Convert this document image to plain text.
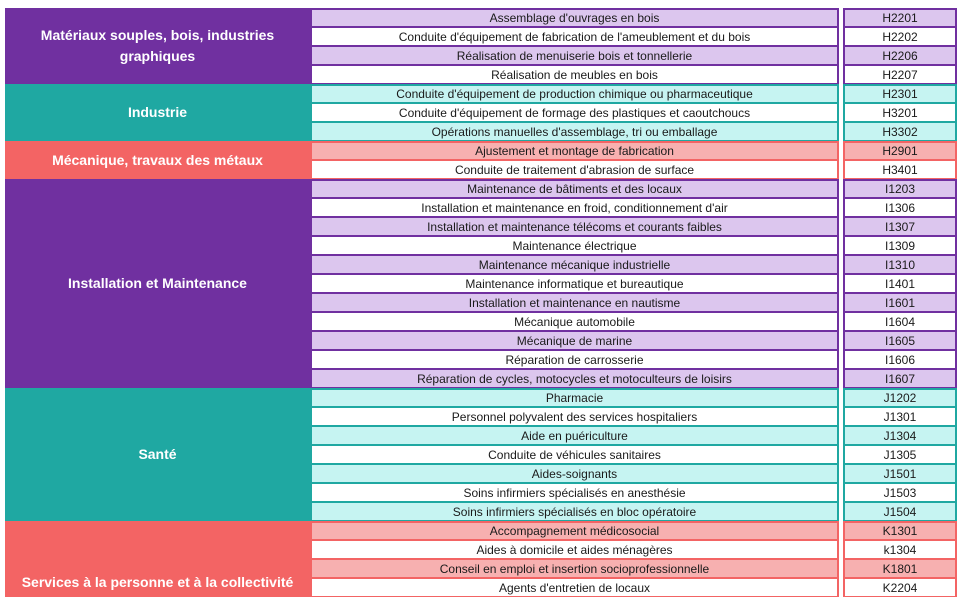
Matériaux souples, bois, industries graphiques
Assemblage d'ouvrages en bois	H2201
Conduite d'équipement de fabrication de l'ameublement et du bois	H2202
Réalisation de menuiserie bois et tonnellerie	H2206
Réalisation de meubles en bois	H2207
Industrie
Conduite d'équipement de production chimique ou pharmaceutique	H2301
Conduite d'équipement de formage des plastiques et caoutchoucs	H3201
Opérations manuelles d'assemblage, tri ou emballage	H3302
Mécanique, travaux des métaux
Ajustement et montage de fabrication	H2901
Conduite de traitement d'abrasion de surface	H3401
Installation et Maintenance
Maintenance de bâtiments et des locaux	I1203
Installation et maintenance en froid, conditionnement d'air	I1306
Installation et maintenance télécoms et courants faibles	I1307
Maintenance électrique	I1309
Maintenance mécanique industrielle	I1310
Maintenance informatique et bureautique	I1401
Installation et maintenance en nautisme	I1601
Mécanique automobile	I1604
Mécanique de marine	I1605
Réparation de carrosserie	I1606
Réparation de cycles, motocycles et motoculteurs de loisirs	I1607
Santé
Pharmacie	J1202
Personnel polyvalent des services hospitaliers	J1301
Aide en puériculture	J1304
Conduite de véhicules sanitaires	J1305
Aides-soignants	J1501
Soins infirmiers spécialisés en anesthésie	J1503
Soins infirmiers spécialisés en bloc opératoire	J1504
Services à la personne et à la collectivité
Accompagnement médicosocial	K1301
Aides à domicile et aides ménagères	k1304
Conseil en emploi et insertion socioprofessionnelle	K1801
Agents d'entretien de locaux	K2204
